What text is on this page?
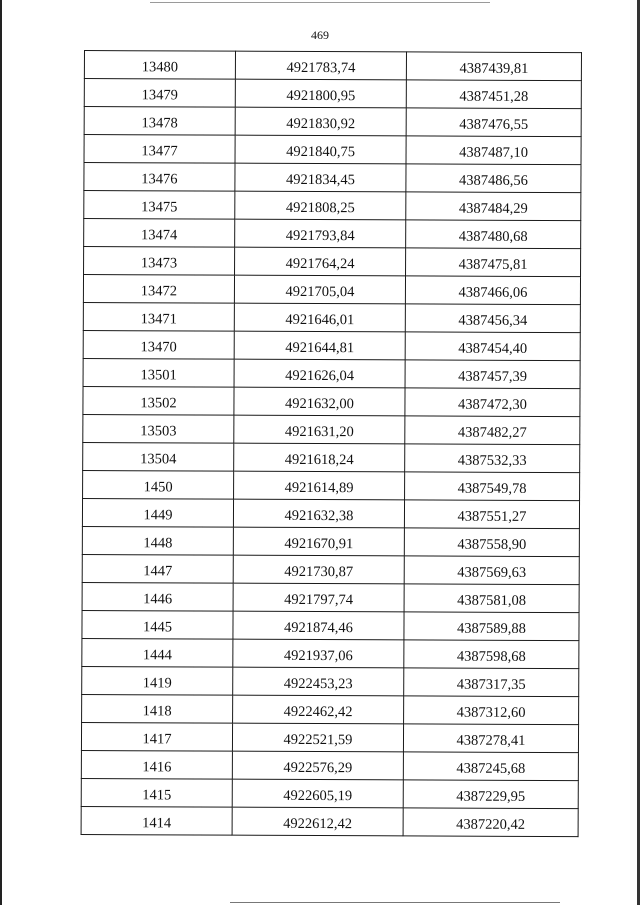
469
13480	4921783,74	4387439,81
13479	4921800,95	4387451,28
13478	4921830,92	4387476,55
13477	4921840,75	4387487,10
13476	4921834,45	4387486,56
13475	4921808,25	4387484,29
13474	4921793,84	4387480,68
13473	4921764,24	4387475,81
13472	4921705,04	4387466,06
13471	4921646,01	4387456,34
13470	4921644,81	4387454,40
13501	4921626,04	4387457,39
13502	4921632,00	4387472,30
13503	4921631,20	4387482,27
13504	4921618,24	4387532,33
1450	4921614,89	4387549,78
1449	4921632,38	4387551,27
1448	4921670,91	4387558,90
1447	4921730,87	4387569,63
1446	4921797,74	4387581,08
1445	4921874,46	4387589,88
1444	4921937,06	4387598,68
1419	4922453,23	4387317,35
1418	4922462,42	4387312,60
1417	4922521,59	4387278,41
1416	4922576,29	4387245,68
1415	4922605,19	4387229,95
1414	4922612,42	4387220,42
